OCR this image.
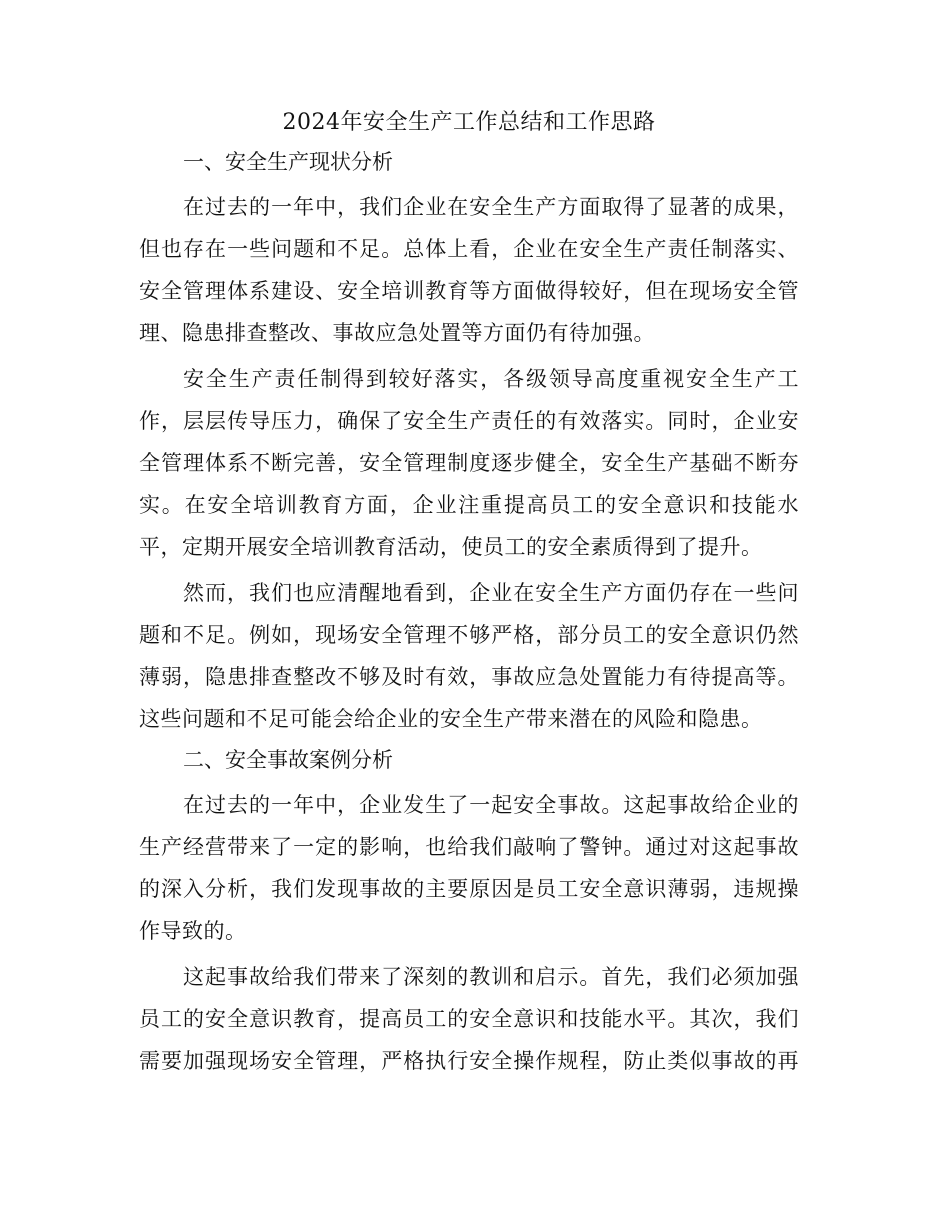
2024年安全生产工作总结和工作思路
一、安全生产现状分析

在过去的一年中，我们企业在安全生产方面取得了显著的成果，
但也存在一些问题和不足。总体上看，企业在安全生产责任制落实、
安全管理体系建设、安全培训教育等方面做得较好，但在现场安全管
理、隐患排查整改、事故应急处置等方面仍有待加强。

安全生产责任制得到较好落实，各级领导高度重视安全生产工
作，层层传导压力，确保了安全生产责任的有效落实。同时，企业安
全管理体系不断完善，安全管理制度逐步健全，安全生产基础不断夯
实。在安全培训教育方面，企业注重提高员工的安全意识和技能水
平，定期开展安全培训教育活动，使员工的安全素质得到了提升。

然而，我们也应清醒地看到，企业在安全生产方面仍存在一些问
题和不足。例如，现场安全管理不够严格，部分员工的安全意识仍然
薄弱，隐患排查整改不够及时有效，事故应急处置能力有待提高等。
这些问题和不足可能会给企业的安全生产带来潜在的风险和隐患。

二、安全事故案例分析

在过去的一年中，企业发生了一起安全事故。这起事故给企业的
生产经营带来了一定的影响，也给我们敲响了警钟。通过对这起事故
的深入分析，我们发现事故的主要原因是员工安全意识薄弱，违规操
作导致的。

这起事故给我们带来了深刻的教训和启示。首先，我们必须加强
员工的安全意识教育，提高员工的安全意识和技能水平。其次，我们
需要加强现场安全管理，严格执行安全操作规程，防止类似事故的再
